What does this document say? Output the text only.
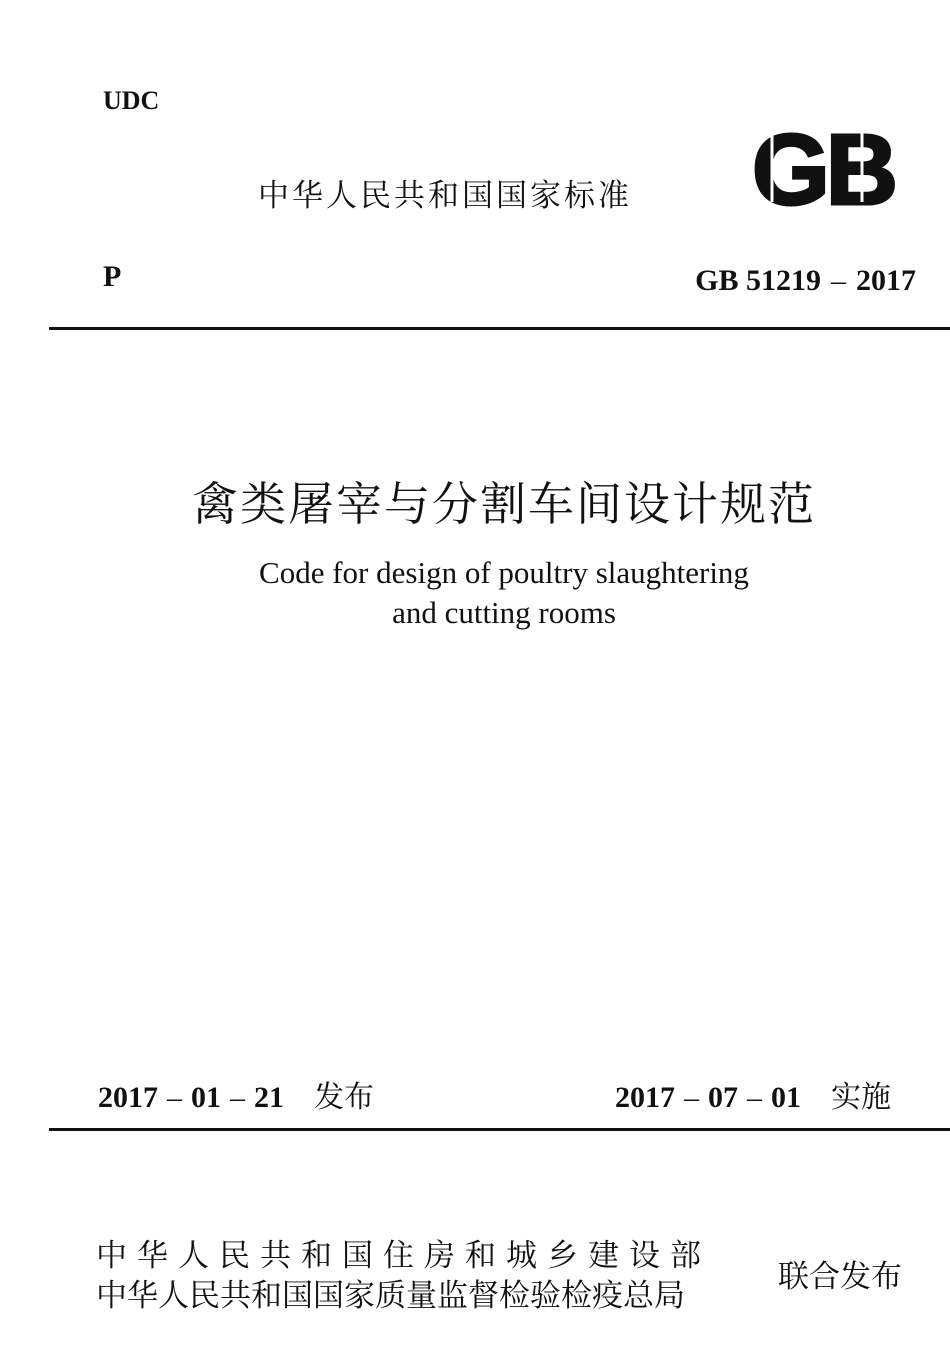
UDC
中华人民共和国国家标准 GB
P	GB 51219 – 2017
禽类屠宰与分割车间设计规范
Code for design of poultry slaughtering
and cutting rooms
2017 – 01 – 21 发布	2017 – 07 – 01 实施
中华人民共和国住房和城乡建设部
中华人民共和国国家质量监督检验检疫总局
联合发布
